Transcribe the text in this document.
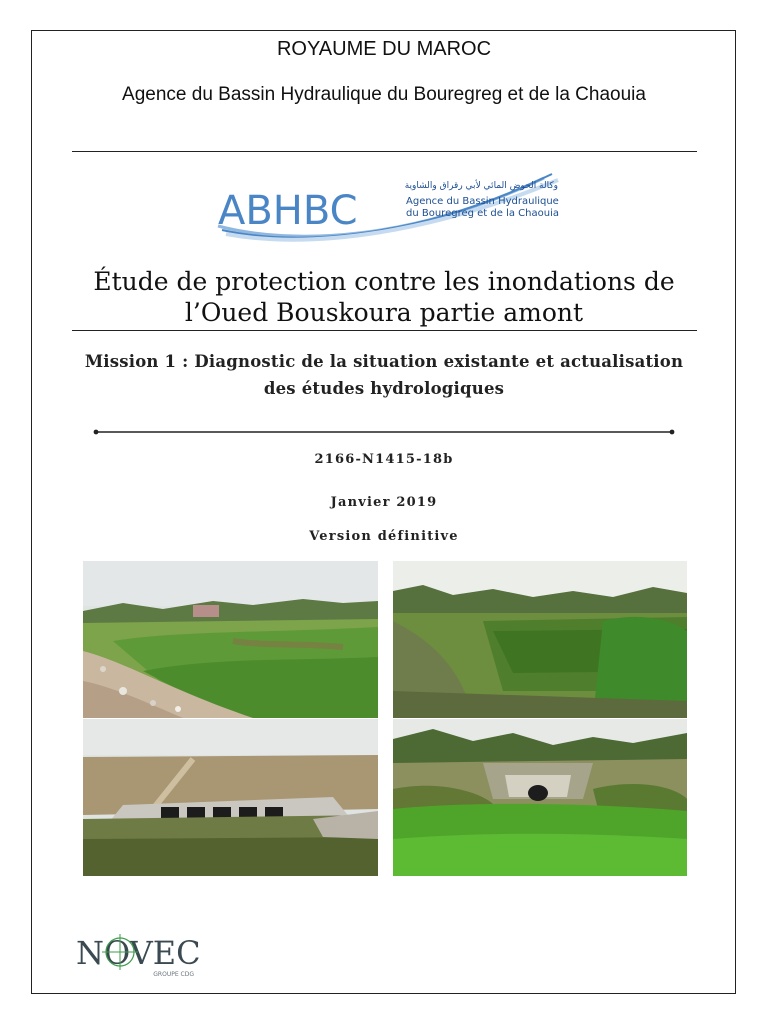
ROYAUME DU MAROC
Agence du Bassin Hydraulique du Bouregreg et de la Chaouia
ABHBC
وكالة الحوض المائي لأبي رقراق والشاوية
Agence du Bassin Hydraulique
du Bouregreg et de la Chaouia
Étude de protection contre les inondations de
l’Oued Bouskoura partie amont
Mission 1 : Diagnostic de la situation existante et actualisation
des études hydrologiques
2166-N1415-18b
Janvier 2019
Version définitive
NOVEC
GROUPE CDG
